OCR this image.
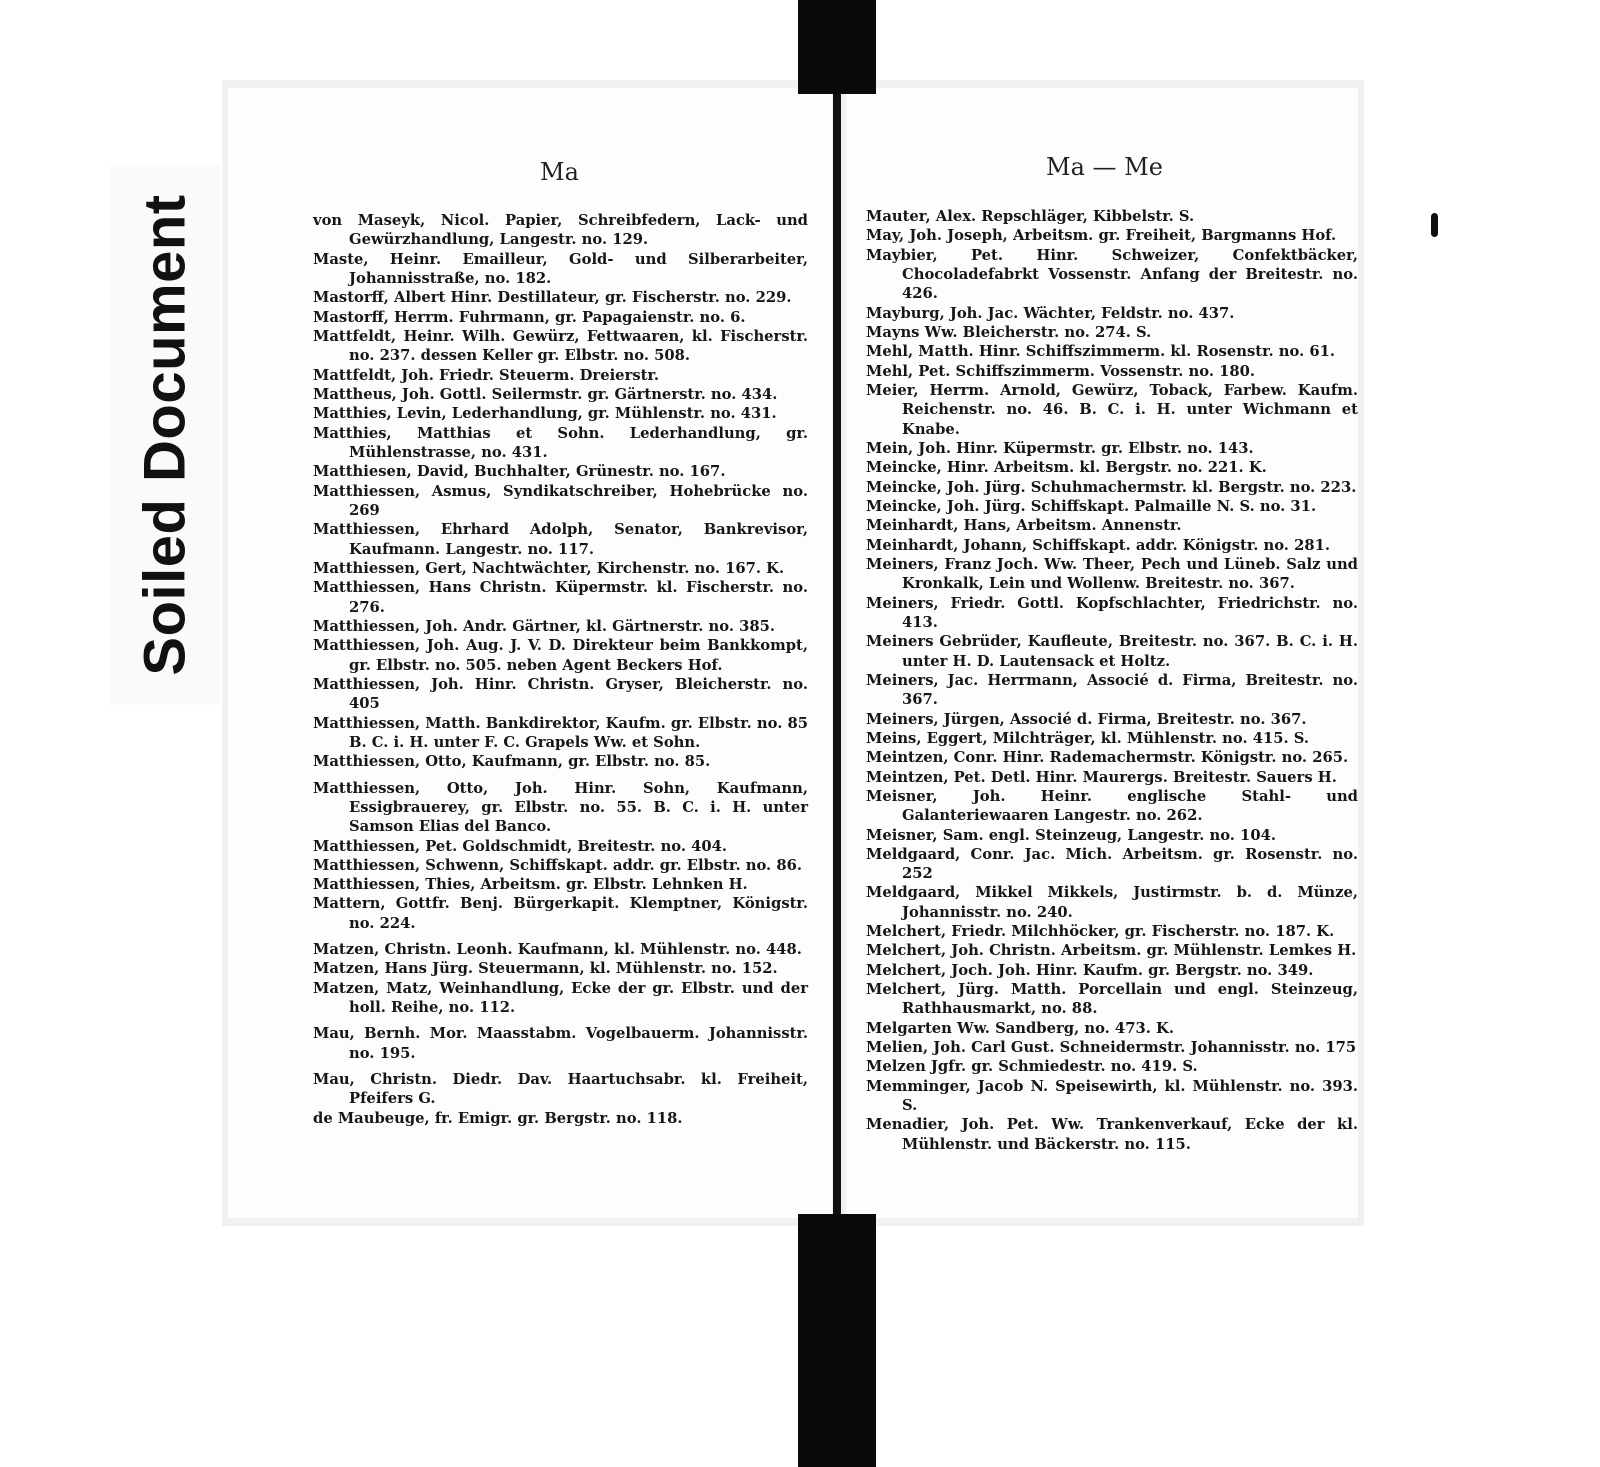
Soiled Document
Ma	Ma — Me

von Maseyk, Nicol. Papier, Schreibfedern, Lack- und Gewürzhandlung, Langestr. no. 129.

Maste, Heinr. Emailleur, Gold- und Silberarbeiter, Johannisstraße, no. 182.

Mastorff, Albert Hinr. Destillateur, gr. Fischerstr. no. 229.

Mastorff, Herrm. Fuhrmann, gr. Papagaienstr. no. 6.

Mattfeldt, Heinr. Wilh. Gewürz, Fettwaaren, kl. Fischerstr. no. 237. dessen Keller gr. Elbstr. no. 508.

Mattfeldt, Joh. Friedr. Steuerm. Dreierstr.

Mattheus, Joh. Gottl. Seilermstr. gr. Gärtnerstr. no. 434.

Matthies, Levin, Lederhandlung, gr. Mühlenstr. no. 431.

Matthies, Matthias et Sohn. Lederhandlung, gr. Mühlenstrasse, no. 431.

Matthiesen, David, Buchhalter, Grünestr. no. 167.

Matthiessen, Asmus, Syndikatschreiber, Hohebrücke no. 269

Matthiessen, Ehrhard Adolph, Senator, Bankrevisor, Kaufmann. Langestr. no. 117.

Matthiessen, Gert, Nachtwächter, Kirchenstr. no. 167. K.

Matthiessen, Hans Christn. Küpermstr. kl. Fischerstr. no. 276.

Matthiessen, Joh. Andr. Gärtner, kl. Gärtnerstr. no. 385.

Matthiessen, Joh. Aug. J. V. D. Direkteur beim Bankkompt, gr. Elbstr. no. 505. neben Agent Beckers Hof.

Matthiessen, Joh. Hinr. Christn. Gryser, Bleicherstr. no. 405

Matthiessen, Matth. Bankdirektor, Kaufm. gr. Elbstr. no. 85 B. C. i. H. unter F. C. Grapels Ww. et Sohn.

Matthiessen, Otto, Kaufmann, gr. Elbstr. no. 85.

Matthiessen, Otto, Joh. Hinr. Sohn, Kaufmann, Essigbrauerey, gr. Elbstr. no. 55. B. C. i. H. unter Samson Elias del Banco.

Matthiessen, Pet. Goldschmidt, Breitestr. no. 404.

Matthiessen, Schwenn, Schiffskapt. addr. gr. Elbstr. no. 86.

Matthiessen, Thies, Arbeitsm. gr. Elbstr. Lehnken H.

Mattern, Gottfr. Benj. Bürgerkapit. Klemptner, Königstr. no. 224.

Matzen, Christn. Leonh. Kaufmann, kl. Mühlenstr. no. 448.

Matzen, Hans Jürg. Steuermann, kl. Mühlenstr. no. 152.

Matzen, Matz, Weinhandlung, Ecke der gr. Elbstr. und der holl. Reihe, no. 112.

Mau, Bernh. Mor. Maasstabm. Vogelbauerm. Johannisstr. no. 195.

Mau, Christn. Diedr. Dav. Haartuchsabr. kl. Freiheit, Pfeifers G.

de Maubeuge, fr. Emigr. gr. Bergstr. no. 118.

Mauter, Alex. Repschläger, Kibbelstr. S.

May, Joh. Joseph, Arbeitsm. gr. Freiheit, Bargmanns Hof.

Maybier, Pet. Hinr. Schweizer, Confektbäcker, Chocoladefabrkt Vossenstr. Anfang der Breitestr. no. 426.

Mayburg, Joh. Jac. Wächter, Feldstr. no. 437.

Mayns Ww. Bleicherstr. no. 274. S.

Mehl, Matth. Hinr. Schiffszimmerm. kl. Rosenstr. no. 61.

Mehl, Pet. Schiffszimmerm. Vossenstr. no. 180.

Meier, Herrm. Arnold, Gewürz, Toback, Farbew. Kaufm. Reichenstr. no. 46. B. C. i. H. unter Wichmann et Knabe.

Mein, Joh. Hinr. Küpermstr. gr. Elbstr. no. 143.

Meincke, Hinr. Arbeitsm. kl. Bergstr. no. 221. K.

Meincke, Joh. Jürg. Schuhmachermstr. kl. Bergstr. no. 223.

Meincke, Joh. Jürg. Schiffskapt. Palmaille N. S. no. 31.

Meinhardt, Hans, Arbeitsm. Annenstr.

Meinhardt, Johann, Schiffskapt. addr. Königstr. no. 281.

Meiners, Franz Joch. Ww. Theer, Pech und Lüneb. Salz und Kronkalk, Lein und Wollenw. Breitestr. no. 367.

Meiners, Friedr. Gottl. Kopfschlachter, Friedrichstr. no. 413.

Meiners Gebrüder, Kaufleute, Breitestr. no. 367. B. C. i. H. unter H. D. Lautensack et Holtz.

Meiners, Jac. Herrmann, Associé d. Firma, Breitestr. no. 367.

Meiners, Jürgen, Associé d. Firma, Breitestr. no. 367.

Meins, Eggert, Milchträger, kl. Mühlenstr. no. 415. S.

Meintzen, Conr. Hinr. Rademachermstr. Königstr. no. 265.

Meintzen, Pet. Detl. Hinr. Maurergs. Breitestr. Sauers H.

Meisner, Joh. Heinr. englische Stahl- und Galanteriewaaren Langestr. no. 262.

Meisner, Sam. engl. Steinzeug, Langestr. no. 104.

Meldgaard, Conr. Jac. Mich. Arbeitsm. gr. Rosenstr. no. 252

Meldgaard, Mikkel Mikkels, Justirmstr. b. d. Münze, Johannisstr. no. 240.

Melchert, Friedr. Milchhöcker, gr. Fischerstr. no. 187. K.

Melchert, Joh. Christn. Arbeitsm. gr. Mühlenstr. Lemkes H.

Melchert, Joch. Joh. Hinr. Kaufm. gr. Bergstr. no. 349.

Melchert, Jürg. Matth. Porcellain und engl. Steinzeug, Rathhausmarkt, no. 88.

Melgarten Ww. Sandberg, no. 473. K.

Melien, Joh. Carl Gust. Schneidermstr. Johannisstr. no. 175

Melzen Jgfr. gr. Schmiedestr. no. 419. S.

Memminger, Jacob N. Speisewirth, kl. Mühlenstr. no. 393. S.

Menadier, Joh. Pet. Ww. Trankenverkauf, Ecke der kl. Mühlenstr. und Bäckerstr. no. 115.
